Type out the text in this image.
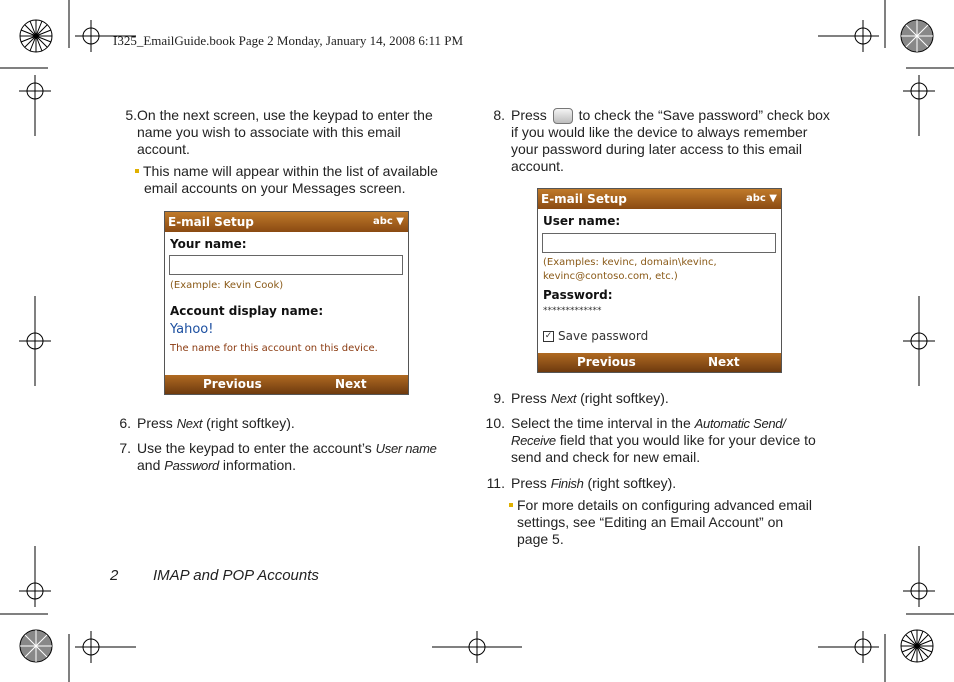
I325_EmailGuide.book Page 2 Monday, January 14, 2008 6:11 PM
5. On the next screen, use the keypad to enter the
name you wish to associate with this email
account.
This name will appear within the list of available
email accounts on your Messages screen.
E-mail Setup	abc ▼
Your name:
(Example: Kevin Cook)
Account display name:
Yahoo!
The name for this account on this device.
Previous	Next
6. Press Next (right softkey).
7. Use the keypad to enter the account’s User name
and Password information.
8. Press to check the “Save password” check box
if you would like the device to always remember
your password during later access to this email
account.
E-mail Setup	abc ▼
User name:
(Examples: kevinc, domain\kevinc,
kevinc@contoso.com, etc.)
Password:
*************
✓ Save password
Previous	Next
9. Press Next (right softkey).
10. Select the time interval in the Automatic Send/
Receive field that you would like for your device to
send and check for new email.
11. Press Finish (right softkey).
For more details on configuring advanced email
settings, see “Editing an Email Account” on
page 5.
2 IMAP and POP Accounts
